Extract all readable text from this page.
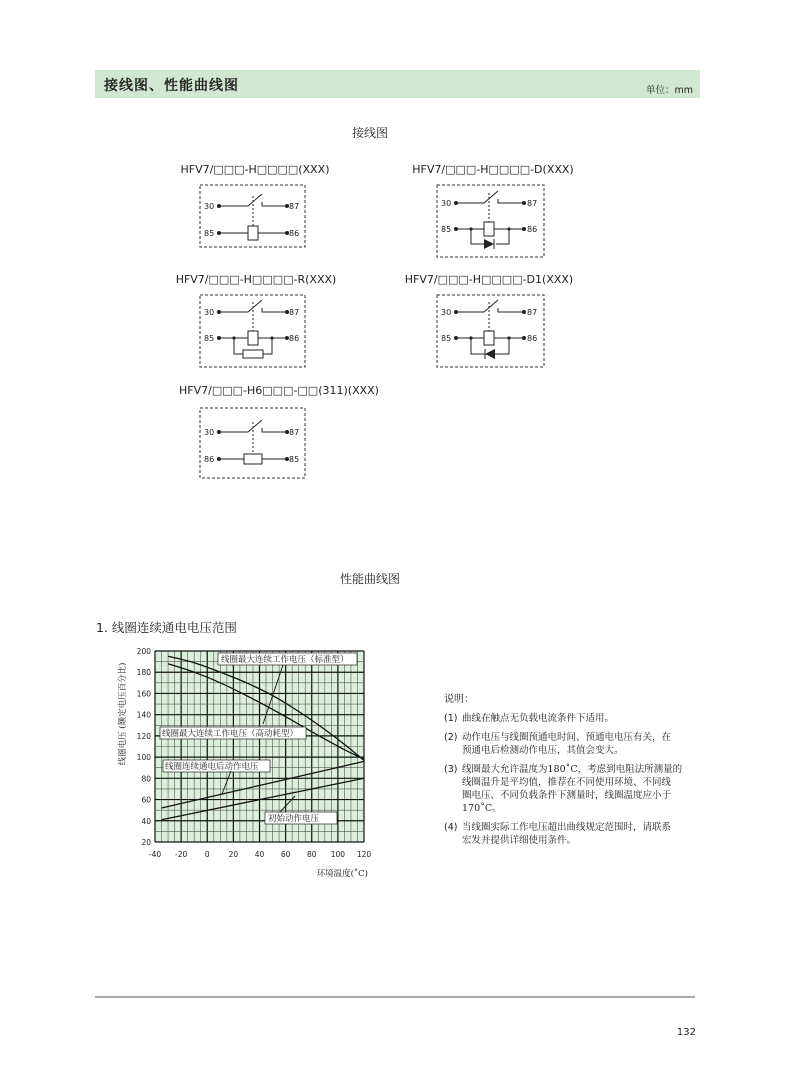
接线图、性能曲线图	单位：mm
接线图
HFV7/□□□-H□□□□(XXX)
30	87
85	86
HFV7/□□□-H□□□□-D(XXX)
30	87
85	86
HFV7/□□□-H□□□□-R(XXX)
30	87
85	86
HFV7/□□□-H□□□□-D1(XXX)
30	87
85	86
HFV7/□□□-H6□□□-□□(311)(XXX)
30	87
86	85
性能曲线图
1. 线圈连续通电电压范围
200
180
160
140
120
100
80
60
40
20
-40 -20 0	20 40 60 80 100 120
线圈最大连续工作电压（标准型）
线圈最大连续工作电压（高动耗型）
线圈连续通电后动作电压
初始动作电压
线圈电压 (额定电压百分比)
环境温度(˚C)
说明：
(1) 曲线在触点无负载电流条件下适用。
(2) 动作电压与线圈预通电时间、预通电电压有关，在
预通电后检测动作电压，其值会变大。
(3) 线圈最大允许温度为180˚C，考虑到电阻法所测量的
线圈温升是平均值，推荐在不同使用环境、不同线
圈电压、不同负载条件下测量时，线圈温度应小于
170˚C。
(4) 当线圈实际工作电压超出曲线规定范围时，请联系
宏发并提供详细使用条件。
132
